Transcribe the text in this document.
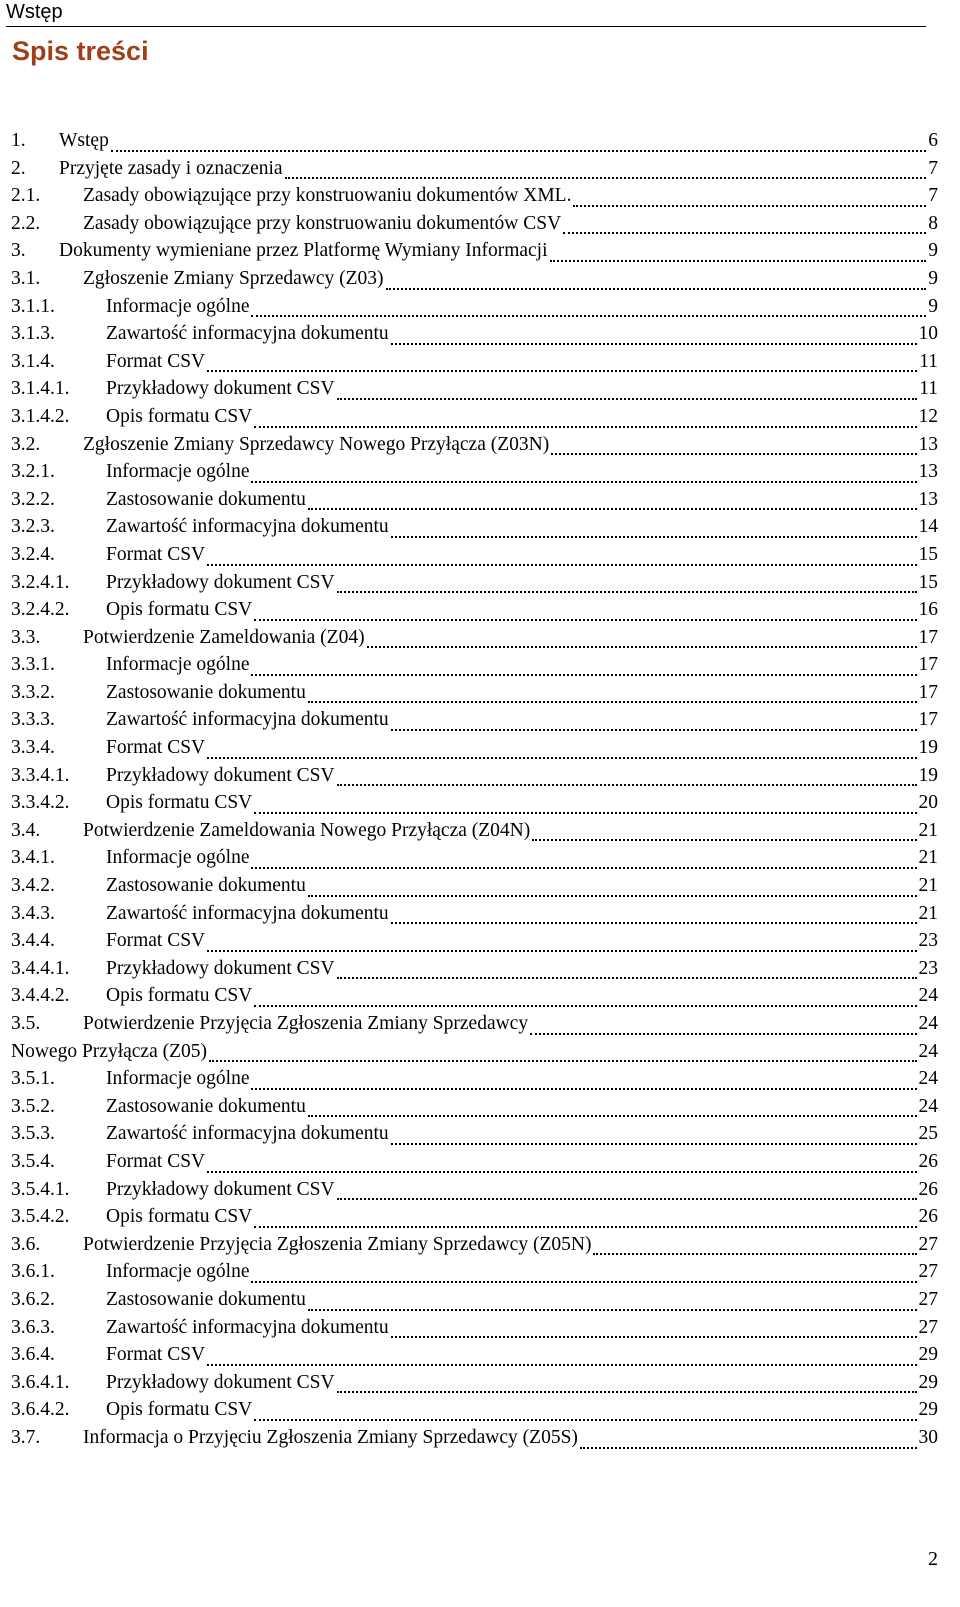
Wstęp
Spis treści
1.	Wstęp	6
2.	Przyjęte zasady i oznaczenia	7
2.1.	Zasady obowiązujące przy konstruowaniu dokumentów XML.	7
2.2.	Zasady obowiązujące przy konstruowaniu dokumentów CSV	8
3.	Dokumenty wymieniane przez Platformę Wymiany Informacji	9
3.1.	Zgłoszenie Zmiany Sprzedawcy (Z03)	9
3.1.1.	Informacje ogólne	9
3.1.3.	Zawartość informacyjna dokumentu	10
3.1.4.	Format CSV	11
3.1.4.1.	Przykładowy dokument CSV	11
3.1.4.2.	Opis formatu CSV	12
3.2.	Zgłoszenie Zmiany Sprzedawcy Nowego Przyłącza (Z03N)	13
3.2.1.	Informacje ogólne	13
3.2.2.	Zastosowanie dokumentu	13
3.2.3.	Zawartość informacyjna dokumentu	14
3.2.4.	Format CSV	15
3.2.4.1.	Przykładowy dokument CSV	15
3.2.4.2.	Opis formatu CSV	16
3.3.	Potwierdzenie Zameldowania (Z04)	17
3.3.1.	Informacje ogólne	17
3.3.2.	Zastosowanie dokumentu	17
3.3.3.	Zawartość informacyjna dokumentu	17
3.3.4.	Format CSV	19
3.3.4.1.	Przykładowy dokument CSV	19
3.3.4.2.	Opis formatu CSV	20
3.4.	Potwierdzenie Zameldowania Nowego Przyłącza (Z04N)	21
3.4.1.	Informacje ogólne	21
3.4.2.	Zastosowanie dokumentu	21
3.4.3.	Zawartość informacyjna dokumentu	21
3.4.4.	Format CSV	23
3.4.4.1.	Przykładowy dokument CSV	23
3.4.4.2.	Opis formatu CSV	24
3.5.	Potwierdzenie Przyjęcia Zgłoszenia Zmiany Sprzedawcy	24
Nowego Przyłącza (Z05)	24
3.5.1.	Informacje ogólne	24
3.5.2.	Zastosowanie dokumentu	24
3.5.3.	Zawartość informacyjna dokumentu	25
3.5.4.	Format CSV	26
3.5.4.1.	Przykładowy dokument CSV	26
3.5.4.2.	Opis formatu CSV	26
3.6.	Potwierdzenie Przyjęcia Zgłoszenia Zmiany Sprzedawcy (Z05N)	27
3.6.1.	Informacje ogólne	27
3.6.2.	Zastosowanie dokumentu	27
3.6.3.	Zawartość informacyjna dokumentu	27
3.6.4.	Format CSV	29
3.6.4.1.	Przykładowy dokument CSV	29
3.6.4.2.	Opis formatu CSV	29
3.7.	Informacja o Przyjęciu Zgłoszenia Zmiany Sprzedawcy (Z05S)	30
2
